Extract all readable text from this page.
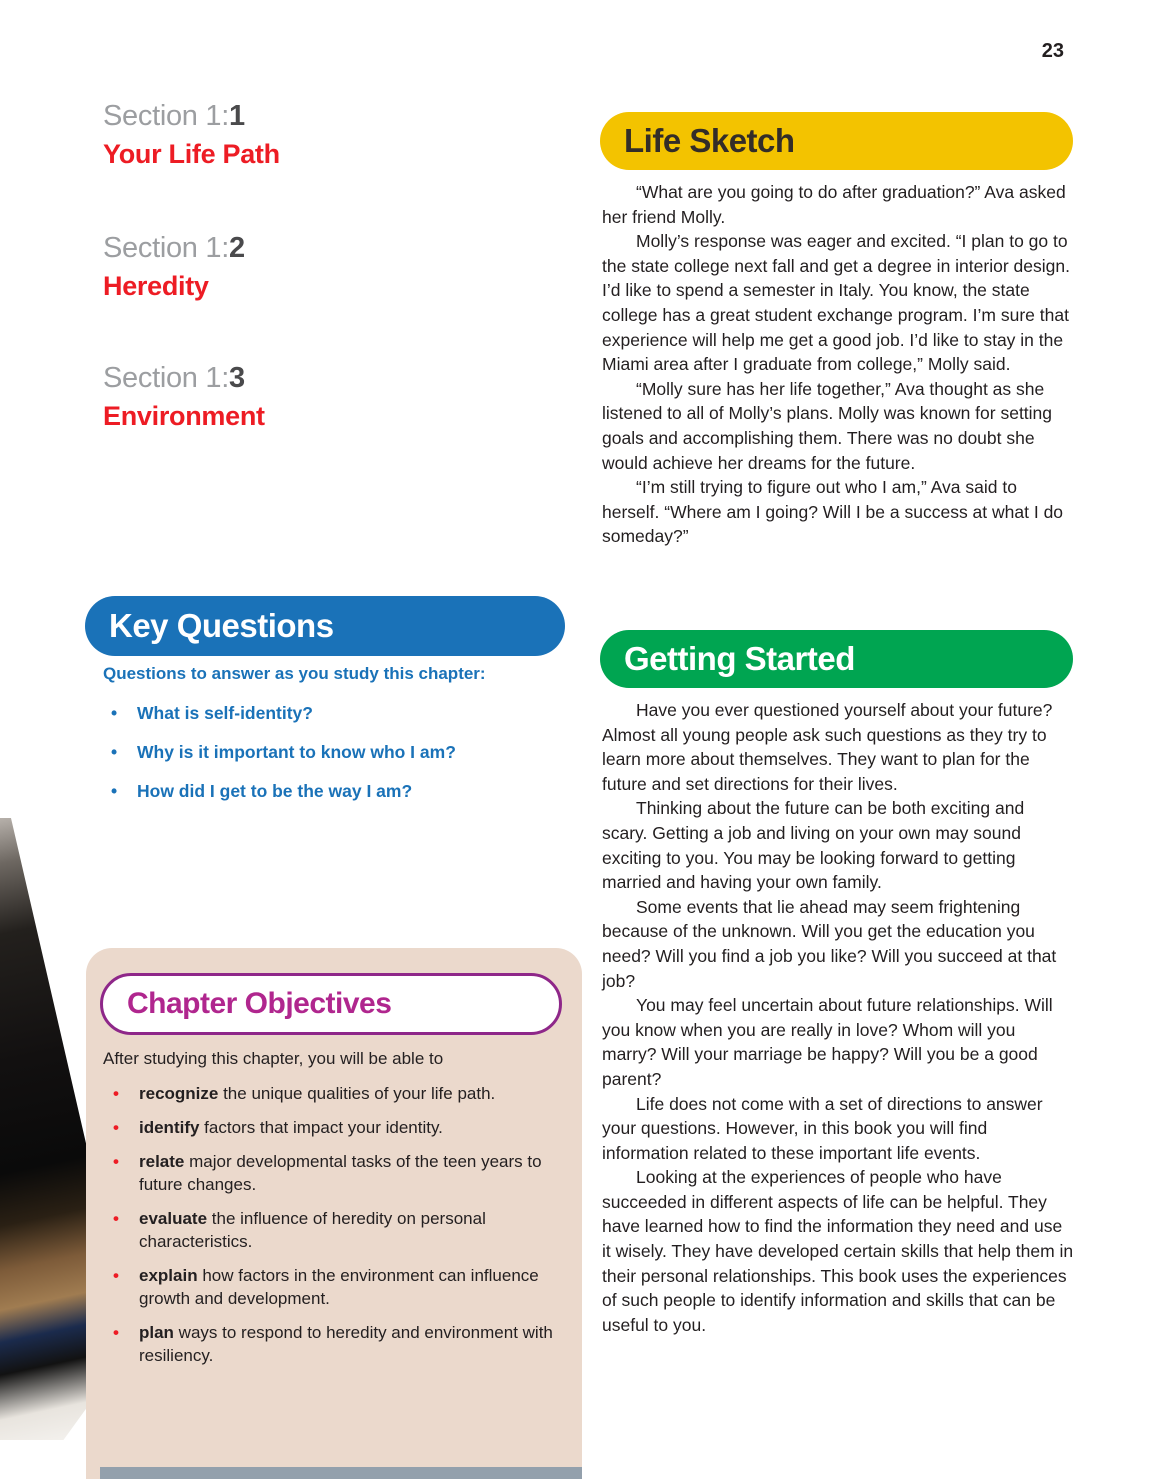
23
Section 1:1
Your Life Path
Section 1:2
Heredity
Section 1:3
Environment
Key Questions
Questions to answer as you study this chapter:
• What is self-identity?
• Why is it important to know who I am?
• How did I get to be the way I am?
Chapter Objectives

After studying this chapter, you will be able to

• recognize the unique qualities of your life path.
• identify factors that impact your identity.
• relate major developmental tasks of the teen years to future changes.
• evaluate the influence of heredity on personal characteristics.
• explain how factors in the environment can influence growth and development.
• plan ways to respond to heredity and environment with resiliency.
Life Sketch

“What are you going to do after graduation?” Ava asked her friend Molly.

Molly’s response was eager and excited. “I plan to go to the state college next fall and get a degree in interior design. I’d like to spend a semester in Italy. You know, the state college has a great student exchange program. I’m sure that experience will help me get a good job. I’d like to stay in the Miami area after I graduate from college,” Molly said.

“Molly sure has her life together,” Ava thought as she listened to all of Molly’s plans. Molly was known for setting goals and accomplishing them. There was no doubt she would achieve her dreams for the future.

“I’m still trying to figure out who I am,” Ava said to herself. “Where am I going? Will I be a success at what I do someday?”

Getting Started

Have you ever questioned yourself about your future? Almost all young people ask such questions as they try to learn more about themselves. They want to plan for the future and set directions for their lives.

Thinking about the future can be both exciting and scary. Getting a job and living on your own may sound exciting to you. You may be looking forward to getting married and having your own family.

Some events that lie ahead may seem frightening because of the unknown. Will you get the education you need? Will you find a job you like? Will you succeed at that job?

You may feel uncertain about future relationships. Will you know when you are really in love? Whom will you marry? Will your marriage be happy? Will you be a good parent?

Life does not come with a set of directions to answer your questions. However, in this book you will find information related to these important life events.

Looking at the experiences of people who have succeeded in different aspects of life can be helpful. They have learned how to find the information they need and use it wisely. They have developed certain skills that help them in their personal relationships. This book uses the experiences of such people to identify information and skills that can be useful to you.
